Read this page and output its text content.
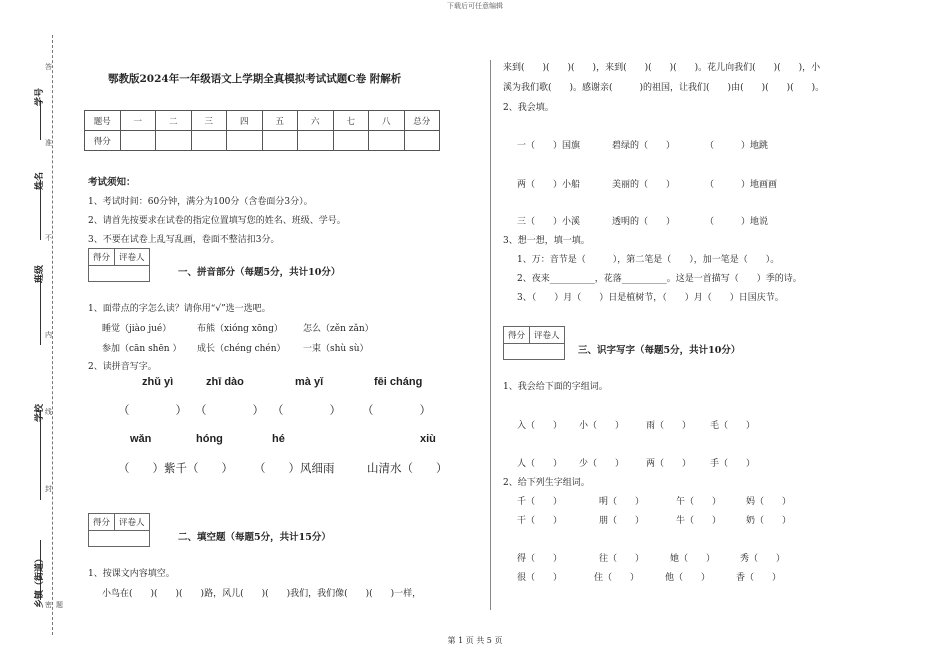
下载后可任意编辑
学号
姓名
班级
学校
乡镇（街道） 密
封
线
内
不
准
答
题
鄂教版2024年一年级语文上学期全真模拟考试试题C卷 附解析
题号	一	二	三	四	五	六	七	八	总分
得分									
考试须知：
1、考试时间：60分钟，满分为100分（含卷面分3分）。
2、请首先按要求在试卷的指定位置填写您的姓名、班级、学号。
3、不要在试卷上乱写乱画，卷面不整洁扣3分。
得分	评卷人
一、拼音部分（每题5分，共计10分）
1、面带点的字怎么读？请你用“√”选一选吧。
睡觉（jiào jué）	布熊（xióng xōng） 怎么（zěn zǎn）
参加（cān shēn ） 成长（chéng chén） 一束（shù sù）
2、读拼音写字。
zhǔ yì	zhī dào	mà yǐ	fēi cháng
（　　　　） （　　　　） （　　　　） （　　　　）
wǎn	hóng	hé	xiù
（　　）紫千（　　） （　　）风细雨	山清水（　　）
得分	评卷人
二、填空题（每题5分，共计15分）
1、按课文内容填空。
小鸟在(　　)(　　)(　　)路，风儿(　　)(　　)我们，我们像(　　)(　　)一样，
来到(　　)(　　)(　　)，来到(　　)(　　)(　　)。花儿向我们(　　)(　　)，小
溪为我们歌(　　)。感谢亲(　　　)的祖国，让我们(　　)由(　　)(　　)(　　)。
2、我会填。
一（　　）国旗	碧绿的（　　）	（　　　）地跳
两（　　）小船	美丽的（　　）	（　　　）地画画
三（　　）小溪	透明的（　　）	（　　　）地说
3、想一想，填一填。
1、万：音节是（　　　），第二笔是（　　），加一笔是（　　）。
2、夜来__________，花落__________。这是一首描写（　　）季的诗。
3、（　　）月（　　）日是植树节，（　　）月（　　）日国庆节。
得分	评卷人
三、识字写字（每题5分，共计10分）
1、我会给下面的字组词。
入（　　） 小（　　） 雨（　　） 毛（　　）
人（　　） 少（　　） 两（　　） 手（　　）
2、给下列生字组词。
千（　　）	明（　　）	午（　　）	妈（　　）
干（　　）	朋（　　）	牛（　　）	奶（　　）
得（　　）	往（　　）	她（　　）	秀（　　）
很（　　）	住（　　）	他（　　）	香（　　）
第 1 页 共 5 页
